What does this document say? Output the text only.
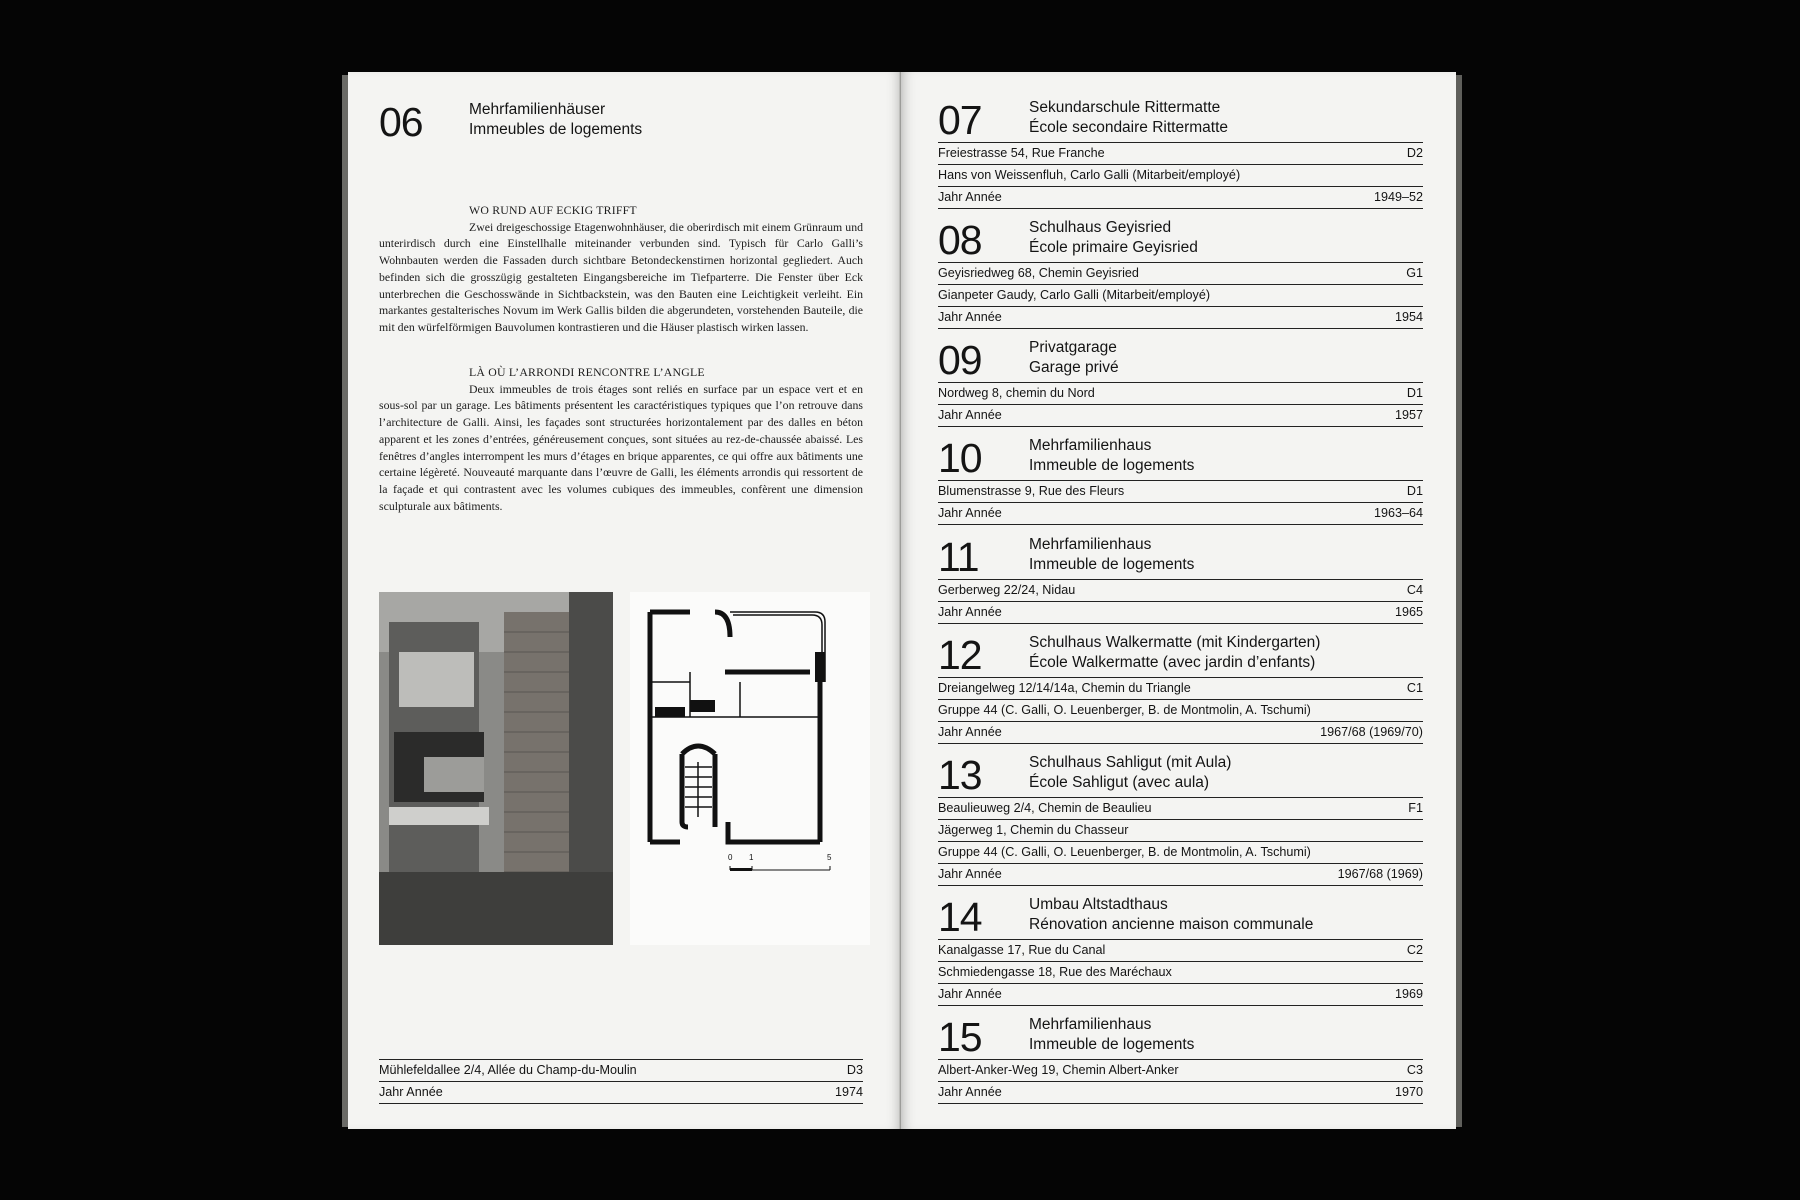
06	Mehrfamilienhäuser
Immeubles de logements
WO RUND AUF ECKIG TRIFFT

Zwei dreigeschossige Etagenwohnhäuser, die oberirdisch mit einem Grünraum und unterirdisch durch eine Einstellhalle miteinander verbunden sind. Typisch für Carlo Galli’s Wohnbauten werden die Fassaden durch sichtbare Betondeckenstirnen horizontal gegliedert. Auch befinden sich die grosszügig gestalteten Eingangsbereiche im Tiefparterre. Die Fenster über Eck unterbrechen die Geschosswände in Sichtbackstein, was den Bauten eine Leichtigkeit verleiht. Ein markantes gestalterisches Novum im Werk Gallis bilden die abgerundeten, vorstehenden Bauteile, die mit den würfelförmigen Bauvolumen kontrastieren und die Häuser plastisch wirken lassen.

LÀ OÙ L’ARRONDI RENCONTRE L’ANGLE

Deux immeubles de trois étages sont reliés en surface par un espace vert et en sous-sol par un garage. Les bâtiments présentent les caractéristiques typiques que l’on retrouve dans l’architecture de Galli. Ainsi, les façades sont structurées horizontalement par des dalles en béton apparent et les zones d’entrées, généreusement conçues, sont situées au rez-de-chaussée abaissé. Les fenêtres d’angles interrompent les murs d’étages en brique apparentes, ce qui offre aux bâtiments une certaine légèreté. Nouveauté marquante dans l’œuvre de Galli, les éléments arrondis qui ressortent de la façade et qui contrastent avec les volumes cubiques des immeubles, confèrent une dimension sculpturale aux bâtiments.

0 1	5
Mühlefeldallee 2/4, Allée du Champ-du-Moulin	D3
Jahr Année	1974
07	Sekundarschule Rittermatte
École secondaire Rittermatte
Freiestrasse 54, Rue Franche	D2
Hans von Weissenfluh, Carlo Galli (Mitarbeit/employé)
Jahr Année	1949–52
08	Schulhaus Geyisried
École primaire Geyisried
Geyisriedweg 68, Chemin Geyisried	G1
Gianpeter Gaudy, Carlo Galli (Mitarbeit/employé)
Jahr Année	1954
09	Privatgarage
Garage privé
Nordweg 8, chemin du Nord	D1
Jahr Année	1957
10	Mehrfamilienhaus
Immeuble de logements
Blumenstrasse 9, Rue des Fleurs	D1
Jahr Année	1963–64
11	Mehrfamilienhaus
Immeuble de logements
Gerberweg 22/24, Nidau	C4
Jahr Année	1965
12	Schulhaus Walkermatte (mit Kindergarten)
École Walkermatte (avec jardin d’enfants)
Dreiangelweg 12/14/14a, Chemin du Triangle	C1
Gruppe 44 (C. Galli, O. Leuenberger, B. de Montmolin, A. Tschumi)
Jahr Année	1967/68 (1969/70)
13	Schulhaus Sahligut (mit Aula)
École Sahligut (avec aula)
Beaulieuweg 2/4, Chemin de Beaulieu	F1
Jägerweg 1, Chemin du Chasseur
Gruppe 44 (C. Galli, O. Leuenberger, B. de Montmolin, A. Tschumi)
Jahr Année	1967/68 (1969)
14	Umbau Altstadthaus
Rénovation ancienne maison communale
Kanalgasse 17, Rue du Canal	C2
Schmiedengasse 18, Rue des Maréchaux
Jahr Année	1969
15	Mehrfamilienhaus
Immeuble de logements
Albert-Anker-Weg 19, Chemin Albert-Anker	C3
Jahr Année	1970
